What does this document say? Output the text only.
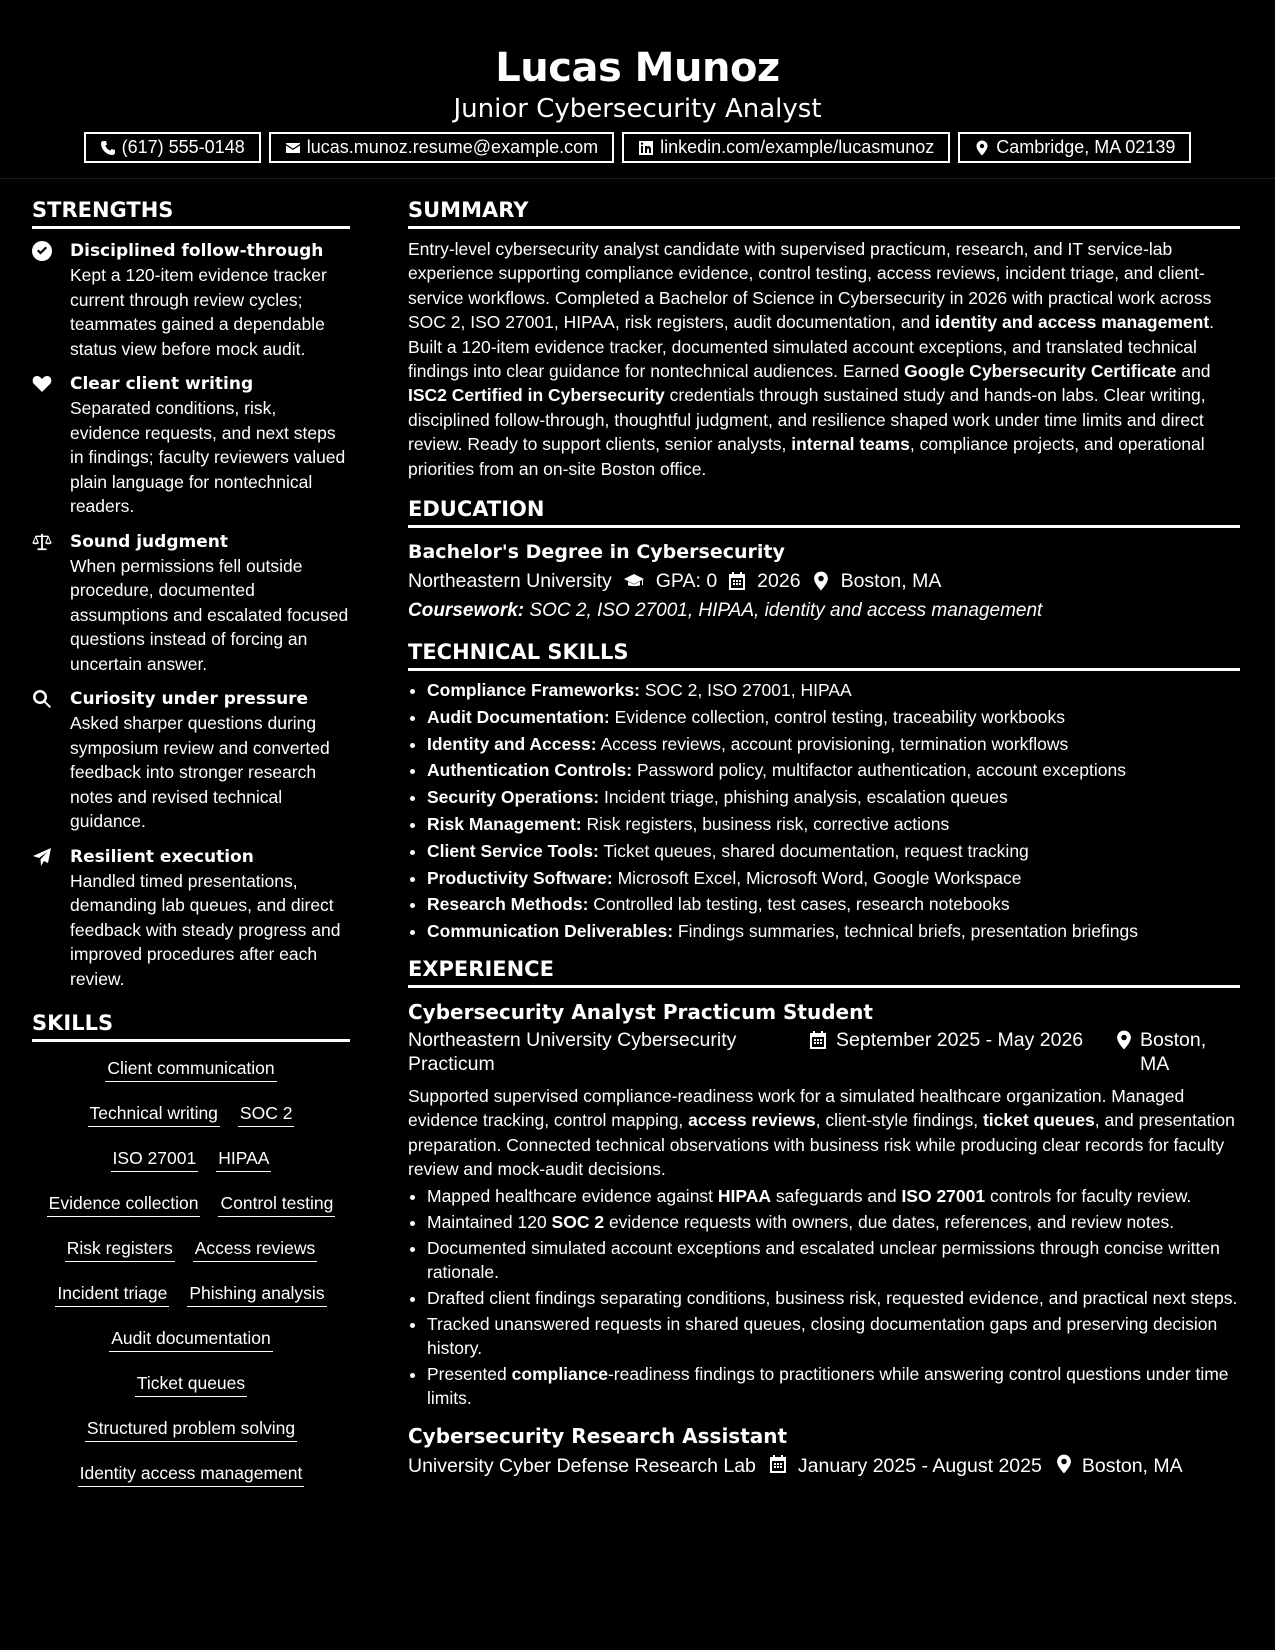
Lucas Munoz
Junior Cybersecurity Analyst
(617) 555-0148	lucas.munoz.resume@example.com	linkedin.com/example/lucasmunoz	Cambridge, MA 02139
STRENGTHS
Disciplined follow-through
Kept a 120-item evidence tracker current through review cycles; teammates gained a dependable status view before mock audit.
Clear client writing
Separated conditions, risk, evidence requests, and next steps in findings; faculty reviewers valued plain language for nontechnical readers.
Sound judgment
When permissions fell outside procedure, documented assumptions and escalated focused questions instead of forcing an uncertain answer.
Curiosity under pressure
Asked sharper questions during symposium review and converted feedback into stronger research notes and revised technical guidance.
Resilient execution
Handled timed presentations, demanding lab queues, and direct feedback with steady progress and improved procedures after each review.
SKILLS
Client communication
Technical writing SOC 2
ISO 27001 HIPAA
Evidence collection Control testing
Risk registers Access reviews
Incident triage Phishing analysis
Audit documentation
Ticket queues
Structured problem solving
Identity access management
SUMMARY
Entry-level cybersecurity analyst candidate with supervised practicum, research, and IT service-lab experience supporting compliance evidence, control testing, access reviews, incident triage, and client-service workflows. Completed a Bachelor of Science in Cybersecurity in 2026 with practical work across SOC 2, ISO 27001, HIPAA, risk registers, audit documentation, and identity and access management. Built a 120-item evidence tracker, documented simulated account exceptions, and translated technical findings into clear guidance for nontechnical audiences. Earned Google Cybersecurity Certificate and ISC2 Certified in Cybersecurity credentials through sustained study and hands-on labs. Clear writing, disciplined follow-through, thoughtful judgment, and resilience shaped work under time limits and direct review. Ready to support clients, senior analysts, internal teams, compliance projects, and operational priorities from an on-site Boston office.
EDUCATION
Bachelor's Degree in Cybersecurity
Northeastern University GPA: 0 2026 Boston, MA
Coursework: SOC 2, ISO 27001, HIPAA, identity and access management
TECHNICAL SKILLS
• Compliance Frameworks: SOC 2, ISO 27001, HIPAA
• Audit Documentation: Evidence collection, control testing, traceability workbooks
• Identity and Access: Access reviews, account provisioning, termination workflows
• Authentication Controls: Password policy, multifactor authentication, account exceptions
• Security Operations: Incident triage, phishing analysis, escalation queues
• Risk Management: Risk registers, business risk, corrective actions
• Client Service Tools: Ticket queues, shared documentation, request tracking
• Productivity Software: Microsoft Excel, Microsoft Word, Google Workspace
• Research Methods: Controlled lab testing, test cases, research notebooks
• Communication Deliverables: Findings summaries, technical briefs, presentation briefings
EXPERIENCE
Cybersecurity Analyst Practicum Student
Northeastern University Cybersecurity Practicum
September 2025 - May 2026	Boston, MA
Supported supervised compliance-readiness work for a simulated healthcare organization. Managed evidence tracking, control mapping, access reviews, client-style findings, ticket queues, and presentation preparation. Connected technical observations with business risk while producing clear records for faculty review and mock-audit decisions.
• Mapped healthcare evidence against HIPAA safeguards and ISO 27001 controls for faculty review.
• Maintained 120 SOC 2 evidence requests with owners, due dates, references, and review notes.
• Documented simulated account exceptions and escalated unclear permissions through concise written rationale.
• Drafted client findings separating conditions, business risk, requested evidence, and practical next steps.
• Tracked unanswered requests in shared queues, closing documentation gaps and preserving decision history.
• Presented compliance-readiness findings to practitioners while answering control questions under time limits.
Cybersecurity Research Assistant
University Cyber Defense Research Lab January 2025 - August 2025 Boston, MA
